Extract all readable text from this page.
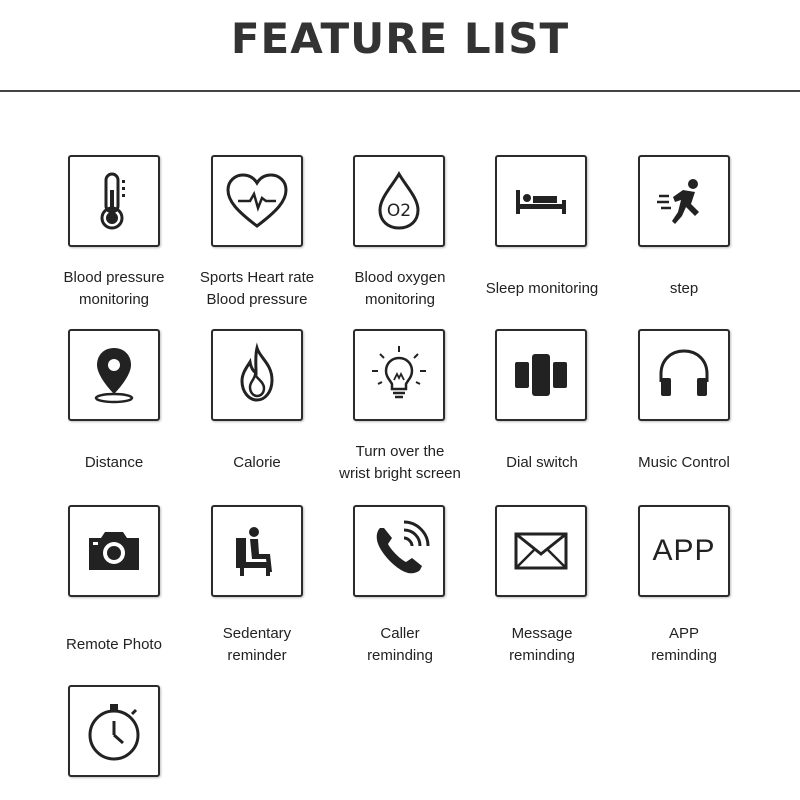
FEATURE LIST
Blood pressure
monitoring
Sports Heart rate
Blood pressure
O2
Blood oxygen
monitoring
Sleep monitoring	step
Distance	Calorie
Turn over the
wrist bright screen
Dial switch	Music Control
Remote Photo
Sedentary
reminder
Caller
reminding
Message
reminding
APP
APP
reminding
